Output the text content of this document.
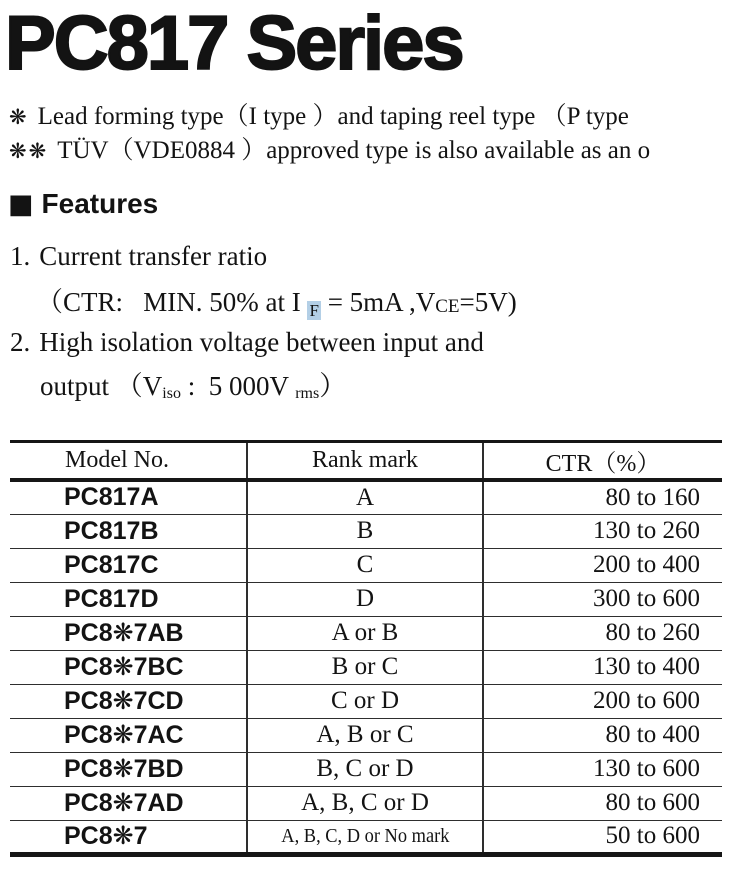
PC817 Series
❋ Lead forming type（I type ）and taping reel type （P type
❋❋ TÜV（VDE0884 ）approved type is also available as an o
■ Features
1. Current transfer ratio
（CTR:   MIN. 50% at I F = 5mA ,VCE=5V)
2. High isolation voltage between input and
output （Viso :  5 000V rms）
Model No.	Rank mark	CTR（%）
PC817A	A	80 to 160
PC817B	B	130 to 260
PC817C	C	200 to 400
PC817D	D	300 to 600
PC8❋7AB	A or B	80 to 260
PC8❋7BC	B or C	130 to 400
PC8❋7CD	C or D	200 to 600
PC8❋7AC	A, B or C	80 to 400
PC8❋7BD	B, C or D	130 to 600
PC8❋7AD	A, B, C or D	80 to 600
PC8❋7	A, B, C, D or No mark	50 to 600
